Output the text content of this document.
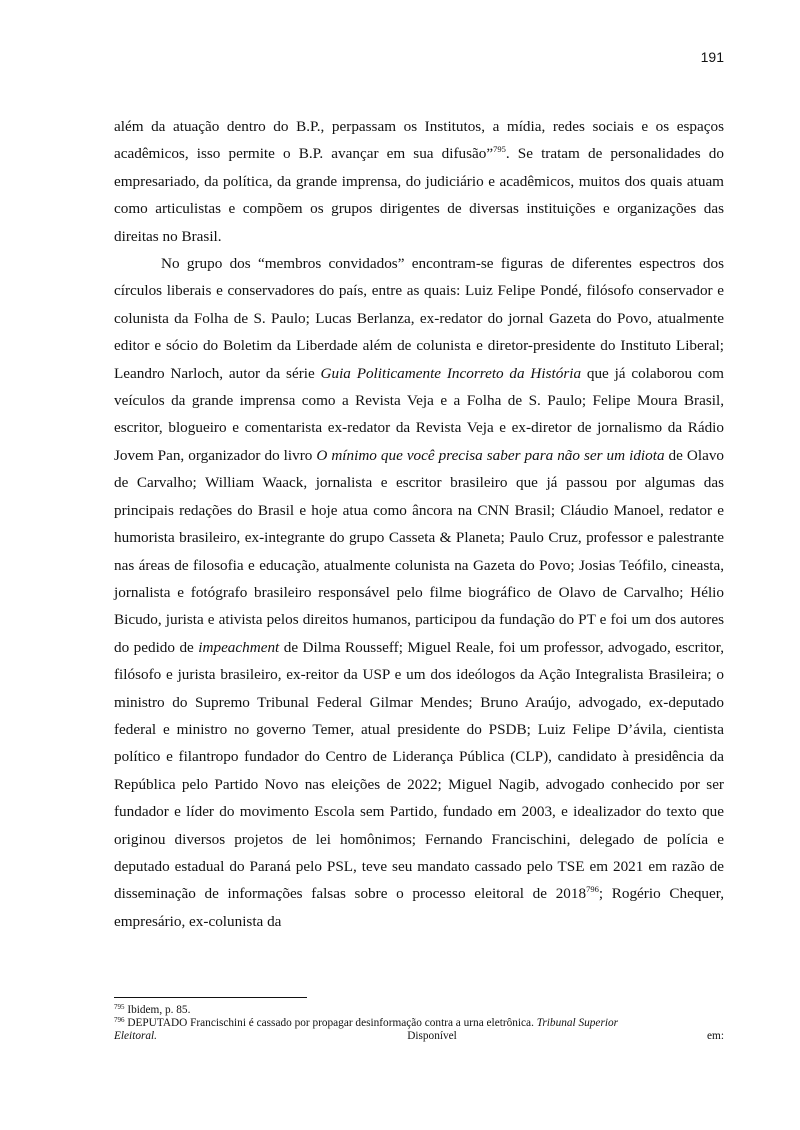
191

além da atuação dentro do B.P., perpassam os Institutos, a mídia, redes sociais e os espaços acadêmicos, isso permite o B.P. avançar em sua difusão”$^{795}$. Se tratam de personalidades do empresariado, da política, da grande imprensa, do judiciário e acadêmicos, muitos dos quais atuam como articulistas e compõem os grupos dirigentes de diversas instituições e organizações das direitas no Brasil.

No grupo dos “membros convidados” encontram-se figuras de diferentes espectros dos círculos liberais e conservadores do país, entre as quais: Luiz Felipe Pondé, filósofo conservador e colunista da Folha de S. Paulo; Lucas Berlanza, ex-redator do jornal Gazeta do Povo, atualmente editor e sócio do Boletim da Liberdade além de colunista e diretor-presidente do Instituto Liberal; Leandro Narloch, autor da série Guia Politicamente Incorreto da História que já colaborou com veículos da grande imprensa como a Revista Veja e a Folha de S. Paulo; Felipe Moura Brasil, escritor, blogueiro e comentarista ex-redator da Revista Veja e ex-diretor de jornalismo da Rádio Jovem Pan, organizador do livro O mínimo que você precisa saber para não ser um idiota de Olavo de Carvalho; William Waack, jornalista e escritor brasileiro que já passou por algumas das principais redações do Brasil e hoje atua como âncora na CNN Brasil; Cláudio Manoel, redator e humorista brasileiro, ex-integrante do grupo Casseta & Planeta; Paulo Cruz, professor e palestrante nas áreas de filosofia e educação, atualmente colunista na Gazeta do Povo; Josias Teófilo, cineasta, jornalista e fotógrafo brasileiro responsável pelo filme biográfico de Olavo de Carvalho; Hélio Bicudo, jurista e ativista pelos direitos humanos, participou da fundação do PT e foi um dos autores do pedido de impeachment de Dilma Rousseff; Miguel Reale, foi um professor, advogado, escritor, filósofo e jurista brasileiro, ex-reitor da USP e um dos ideólogos da Ação Integralista Brasileira; o ministro do Supremo Tribunal Federal Gilmar Mendes; Bruno Araújo, advogado, ex-deputado federal e ministro no governo Temer, atual presidente do PSDB; Luiz Felipe D’ávila, cientista político e filantropo fundador do Centro de Liderança Pública (CLP), candidato à presidência da República pelo Partido Novo nas eleições de 2022; Miguel Nagib, advogado conhecido por ser fundador e líder do movimento Escola sem Partido, fundado em 2003, e idealizador do texto que originou diversos projetos de lei homônimos; Fernando Francischini, delegado de polícia e deputado estadual do Paraná pelo PSL, teve seu mandato cassado pelo TSE em 2021 em razão de disseminação de informações falsas sobre o processo eleitoral de 2018$^{796}$; Rogério Chequer, empresário, ex-colunista da

$^{795}$ Ibidem, p. 85.

$^{796}$ DEPUTADO Francischini é cassado por propagar desinformação contra a urna eletrônica. Tribunal Superior

Eleitoral.	Disponível	em:
